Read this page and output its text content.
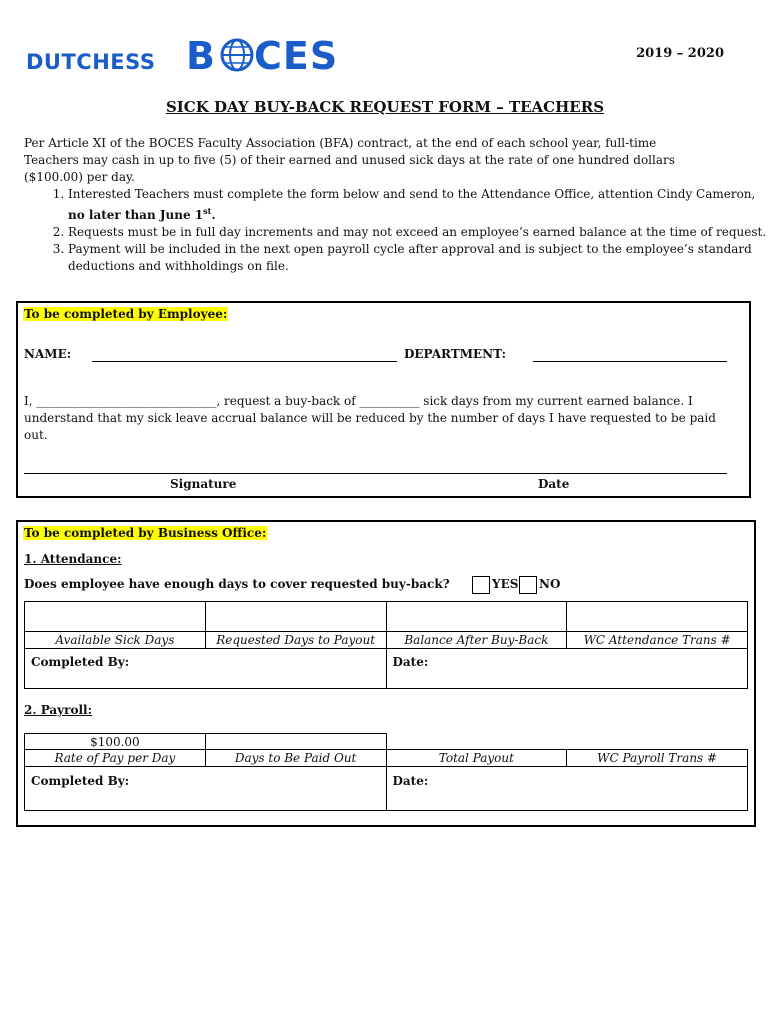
DUTCHESS B CES	2019 – 2020
SICK DAY BUY-BACK REQUEST FORM – TEACHERS
Per Article XI of the BOCES Faculty Association (BFA) contract, at the end of each school year, full-time Teachers may cash in up to five (5) of their earned and unused sick days at the rate of one hundred dollars ($100.00) per day.
1. Interested Teachers must complete the form below and send to the Attendance Office, attention Cindy Cameron, no later than June 1st.
2. Requests must be in full day increments and may not exceed an employee’s earned balance at the time of request.
3. Payment will be included in the next open payroll cycle after approval and is subject to the employee’s standard deductions and withholdings on file.
To be completed by Employee:
NAME:	DEPARTMENT:
I, ______________________________, request a buy-back of __________ sick days from my current earned balance. I understand that my sick leave accrual balance will be reduced by the number of days I have requested to be paid out.
Signature	Date
To be completed by Business Office:
1. Attendance:
Does employee have enough days to cover requested buy-back?	YES NO

Available Sick Days	Requested Days to Payout	Balance After Buy-Back	WC Attendance Trans #
Completed By:		Date:	
2. Payroll:
$100.00			
Rate of Pay per Day	Days to Be Paid Out	Total Payout	WC Payroll Trans #
Completed By:		Date:	
